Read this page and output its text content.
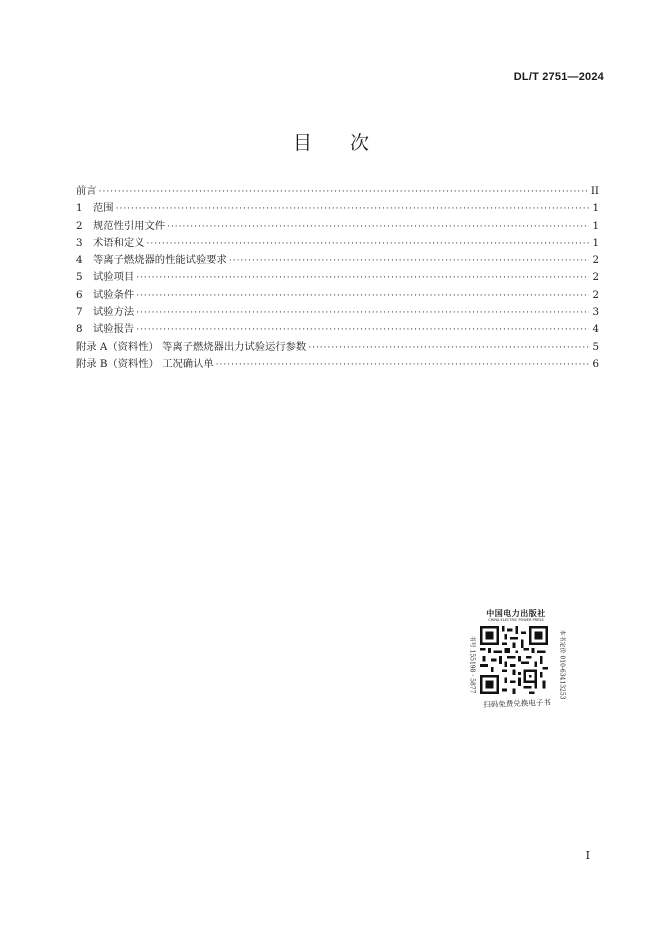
DL/T 2751—2024
目 次
前言 ·····	II
1	范围 ·····	1
2	规范性引用文件 ·····	1
3	术语和定义 ·····	1
4	等离子燃烧器的性能试验要求 ·····	2
5	试验项目 ·····	2
6	试验条件 ·····	2
7	试验方法 ·····	3
8	试验报告 ·····	4
附录 A（资料性） 等离子燃烧器出力试验运行参数 ·····	5
附录 B（资料性） 工况确认单 ·····	6
中国电力出版社
CHINA ELECTRIC POWER PRESS
书号 155198 · 5877	本书定价 010-63413253
扫码免费兑换电子书
I
